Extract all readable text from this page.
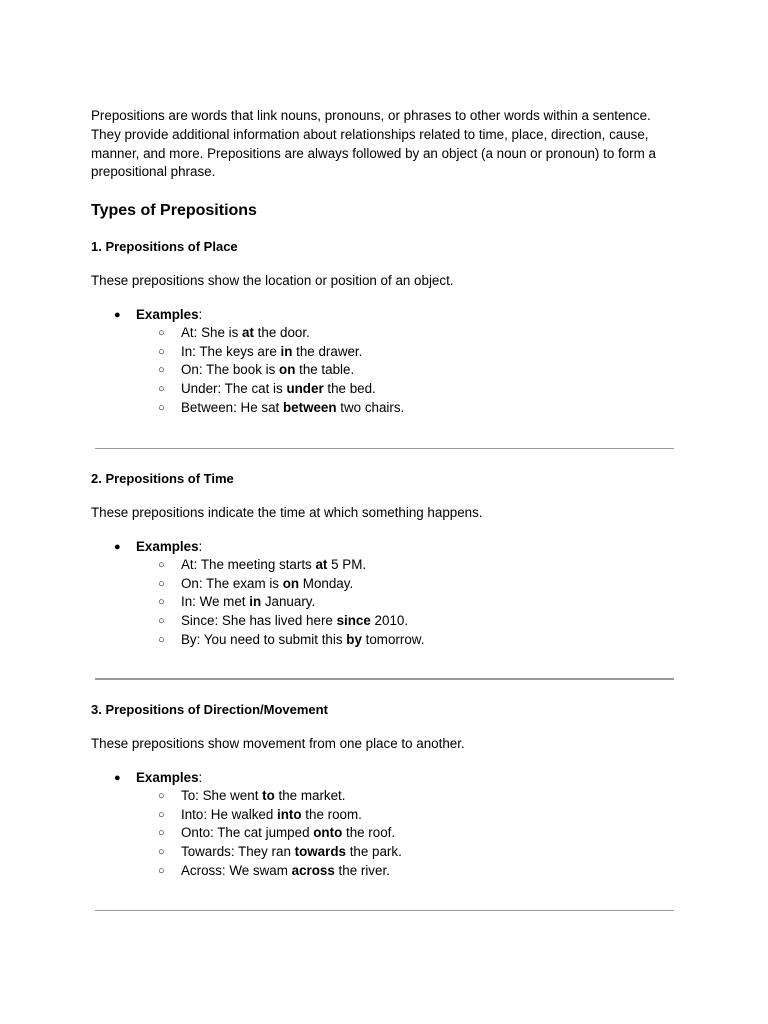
Prepositions are words that link nouns, pronouns, or phrases to other words within a sentence. They provide additional information about relationships related to time, place, direction, cause, manner, and more. Prepositions are always followed by an object (a noun or pronoun) to form a prepositional phrase.

Types of Prepositions
1. Prepositions of Place

These prepositions show the location or position of an object.

● Examples:
○ At: She is at the door.
○ In: The keys are in the drawer.
○ On: The book is on the table.
○ Under: The cat is under the bed.
○ Between: He sat between two chairs.
2. Prepositions of Time

These prepositions indicate the time at which something happens.

● Examples:
○ At: The meeting starts at 5 PM.
○ On: The exam is on Monday.
○ In: We met in January.
○ Since: She has lived here since 2010.
○ By: You need to submit this by tomorrow.
3. Prepositions of Direction/Movement

These prepositions show movement from one place to another.

● Examples:
○ To: She went to the market.
○ Into: He walked into the room.
○ Onto: The cat jumped onto the roof.
○ Towards: They ran towards the park.
○ Across: We swam across the river.
